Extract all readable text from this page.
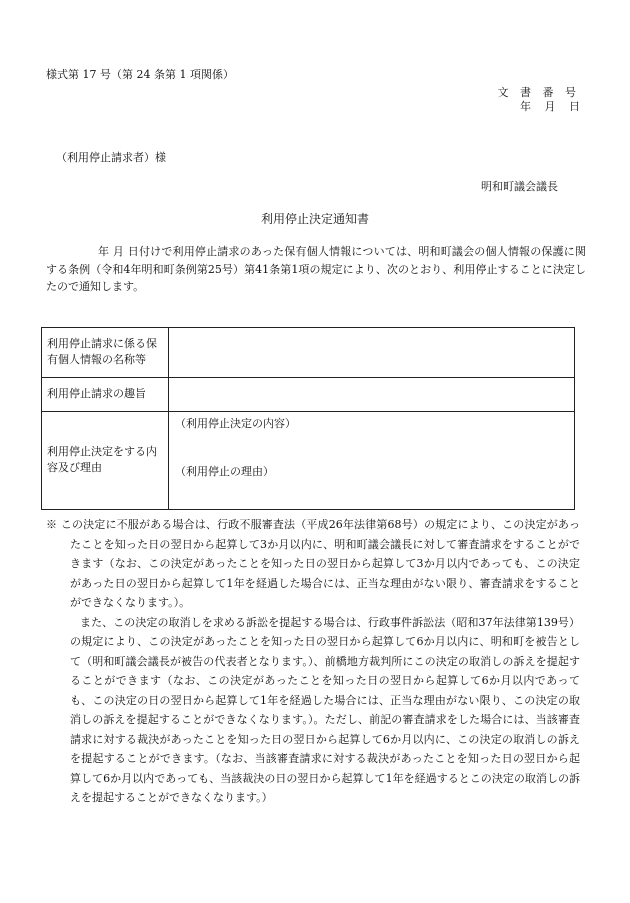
様式第 17 号（第 24 条第 1 項関係）
文 書 番 号
年 月 日
（利用停止請求者）様
明和町議会議長
利用停止決定通知書
年 月 日付けで利用停止請求のあった保有個人情報については、明和町議会の個人情報の保護に関する条例（令和4年明和町条例第25号）第41条第1項の規定により、次のとおり、利用停止することに決定したので通知します。
利用停止請求に係る保有個人情報の名称等	
利用停止請求の趣旨	
利用停止決定をする内容及び理由	（利用停止決定の内容）
（利用停止の理由）
※ この決定に不服がある場合は、行政不服審査法（平成26年法律第68号）の規定により、この決定があったことを知った日の翌日から起算して3か月以内に、明和町議会議長に対して審査請求をすることができます（なお、この決定があったことを知った日の翌日から起算して3か月以内であっても、この決定があった日の翌日から起算して1年を経過した場合には、正当な理由がない限り、審査請求をすることができなくなります。）。
また、この決定の取消しを求める訴訟を提起する場合は、行政事件訴訟法（昭和37年法律第139号）の規定により、この決定があったことを知った日の翌日から起算して6か月以内に、明和町を被告として（明和町議会議長が被告の代表者となります。）、前橋地方裁判所にこの決定の取消しの訴えを提起することができます（なお、この決定があったことを知った日の翌日から起算して6か月以内であっても、この決定の日の翌日から起算して1年を経過した場合には、正当な理由がない限り、この決定の取消しの訴えを提起することができなくなります。）。ただし、前記の審査請求をした場合には、当該審査請求に対する裁決があったことを知った日の翌日から起算して6か月以内に、この決定の取消しの訴えを提起することができます。（なお、当該審査請求に対する裁決があったことを知った日の翌日から起算して6か月以内であっても、当該裁決の日の翌日から起算して1年を経過するとこの決定の取消しの訴えを提起することができなくなります。）
